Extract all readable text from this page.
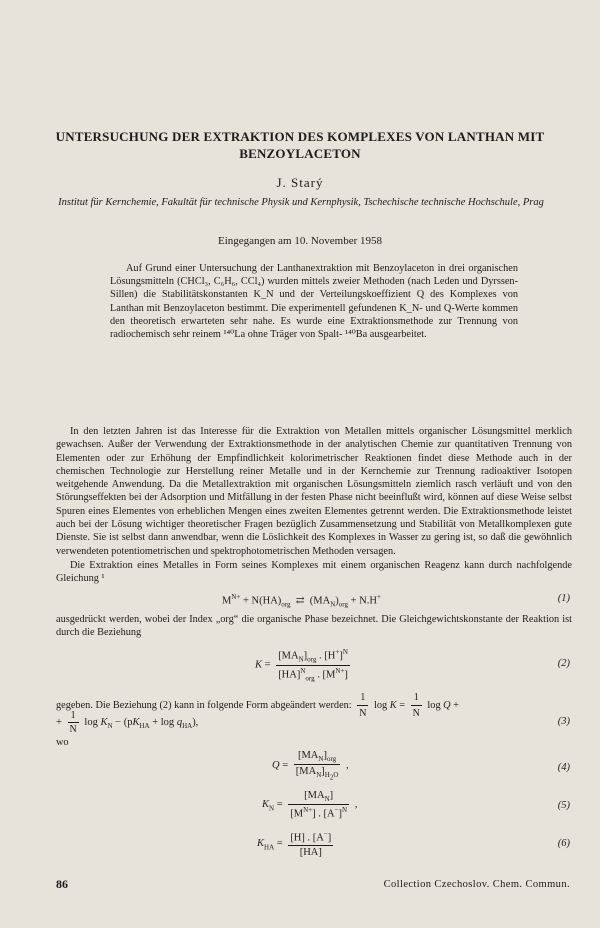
UNTERSUCHUNG DER EXTRAKTION DES KOMPLEXES VON LANTHAN MIT BENZOYLACETON
J. Starý
Institut für Kernchemie, Fakultät für technische Physik und Kernphysik, Tschechische technische Hochschule, Prag
Eingegangen am 10. November 1958

Auf Grund einer Untersuchung der Lanthanextraktion mit Benzoylaceton in drei organischen Lösungsmitteln (CHCl₃, C₆H₆, CCl₄) wurden mittels zweier Methoden (nach Leden und Dyrssen-Sillen) die Stabilitätskonstanten K_N und der Verteilungskoeffizient Q des Komplexes von Lanthan mit Benzoylaceton bestimmt. Die experimentell gefundenen K_N- und Q-Werte kommen den theoretisch erwarteten sehr nahe. Es wurde eine Extraktionsmethode zur Trennung von radiochemisch sehr reinem ¹⁴⁰La ohne Träger von Spalt- ¹⁴⁰Ba ausgearbeitet.

In den letzten Jahren ist das Interesse für die Extraktion von Metallen mittels organischer Lösungsmittel merklich gewachsen. Außer der Verwendung der Extraktionsmethode in der analytischen Chemie zur quantitativen Trennung von Elementen oder zur Erhöhung der Empfindlichkeit kolorimetrischer Reaktionen findet diese Methode auch in der chemischen Technologie zur Herstellung reiner Metalle und in der Kernchemie zur Trennung radioaktiver Isotopen weitgehende Anwendung. Da die Metallextraktion mit organischen Lösungsmitteln ziemlich rasch verläuft und von den Störungseffekten bei der Adsorption und Mitfällung in der festen Phase nicht beeinflußt wird, können auf diese Weise selbst Spuren eines Elementes von erheblichen Mengen eines zweiten Elementes getrennt werden. Die Extraktionsmethode leistet auch bei der Lösung wichtiger theoretischer Fragen bezüglich Zusammensetzung und Stabilität von Metallkomplexen gute Dienste. Sie ist selbst dann anwendbar, wenn die Löslichkeit des Komplexes in Wasser zu gering ist, so daß die gewöhnlich verwendeten potentiometrischen und spektrophotometrischen Methoden versagen.

Die Extraktion eines Metalles in Form seines Komplexes mit einem organischen Reagenz kann durch nachfolgende Gleichung ¹

$M^{N+} + N(HA)_{org}$  ⇄  $(MA_N)_{org} + N.H^+$	(1)

ausgedrückt werden, wobei der Index „org“ die organische Phase bezeichnet. Die Gleichgewichtskonstante der Reaktion ist durch die Beziehung

$K = \frac{[MA_N]_{org} . [H^+]^N}{[HA]^N_{org} . [M^{N+}]}$	(2)
gegeben. Die Beziehung (2) kann in folgende Form abgeändert werden: $\frac{1}{N}$ $\log K = \frac{1}{N}$ log Q +
+ $\frac{1}{N}$ $\log K_N - (pK_{HA} + \log q_{HA})$,	(3)
wo
$Q = \frac{[MA_N]_{org}}{[MA_N]_{H_2O}}$ ,	(4)
$K_N = \frac{[MA_N]}{[M^{N+}] . [A^-]^N}$ ,	(5)
$K_{HA} = \frac{[H] . [A^-]}{[HA]}$	(6)
86	Collection Czechoslov. Chem. Commun.
